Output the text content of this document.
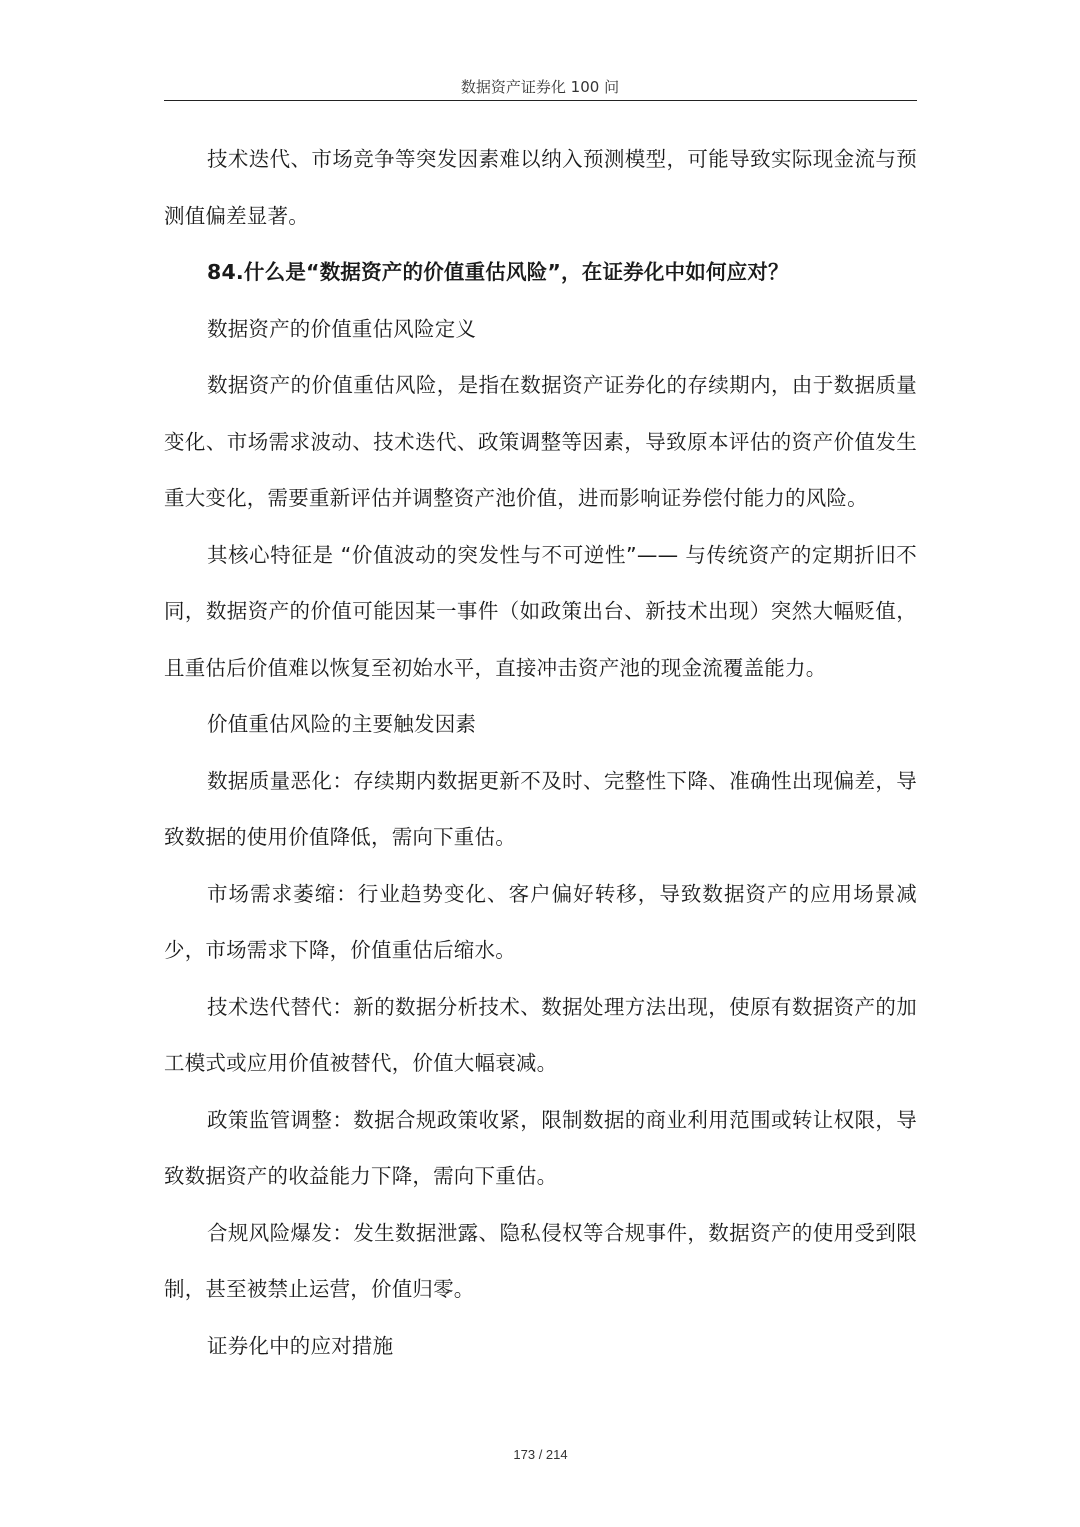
数据资产证券化 100 问

技术迭代、市场竞争等突发因素难以纳入预测模型，可能导致实际现金流与预测值偏差显著。

84.什么是“数据资产的价值重估风险”，在证券化中如何应对？

数据资产的价值重估风险定义

数据资产的价值重估风险，是指在数据资产证券化的存续期内，由于数据质量变化、市场需求波动、技术迭代、政策调整等因素，导致原本评估的资产价值发生重大变化，需要重新评估并调整资产池价值，进而影响证券偿付能力的风险。

其核心特征是 “价值波动的突发性与不可逆性”—— 与传统资产的定期折旧不同，数据资产的价值可能因某一事件（如政策出台、新技术出现）突然大幅贬值，且重估后价值难以恢复至初始水平，直接冲击资产池的现金流覆盖能力。

价值重估风险的主要触发因素

数据质量恶化：存续期内数据更新不及时、完整性下降、准确性出现偏差，导致数据的使用价值降低，需向下重估。

市场需求萎缩：行业趋势变化、客户偏好转移，导致数据资产的应用场景减少，市场需求下降，价值重估后缩水。

技术迭代替代：新的数据分析技术、数据处理方法出现，使原有数据资产的加工模式或应用价值被替代，价值大幅衰减。

政策监管调整：数据合规政策收紧，限制数据的商业利用范围或转让权限，导致数据资产的收益能力下降，需向下重估。

合规风险爆发：发生数据泄露、隐私侵权等合规事件，数据资产的使用受到限制，甚至被禁止运营，价值归零。

证券化中的应对措施

173 / 214
